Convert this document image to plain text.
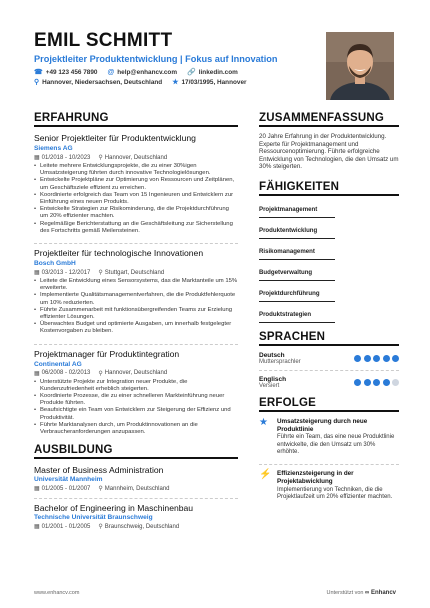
EMIL SCHMITT
Projektleiter Produktentwicklung | Fokus auf Innovation
☎ +49 123 456 7890 @ help@enhancv.com 🔗 linkedin.com
⚲ Hannover, Niedersachsen, Deutschland ★ 17/03/1995, Hannover
ERFAHRUNG
Senior Projektleiter für Produktentwicklung
Siemens AG
▦ 01/2018 - 10/2023 ⚲ Hannover, Deutschland
• Leitete mehrere Entwicklungsprojekte, die zu einer 30%igen Umsatzsteigerung führten durch innovative Technologielösungen.
• Entwickelte Projektpläne zur Optimierung von Ressourcen und Zeitplänen, um Geschäftsziele effizient zu erreichen.
• Koordinierte erfolgreich das Team von 15 Ingenieuren und Entwicklern zur Einführung eines neuen Produkts.
• Entwickelte Strategien zur Risikominderung, die die Projektdurchführung um 20% effizienter machten.
• Regelmäßige Berichterstattung an die Geschäftsleitung zur Sicherstellung des Fortschritts gemäß Meilensteinen.
Projektleiter für technologische Innovationen
Bosch GmbH
▦ 03/2013 - 12/2017 ⚲ Stuttgart, Deutschland
• Leitete die Entwicklung eines Sensorsystems, das die Marktanteile um 15% erweiterte.
• Implementierte Qualitätsmanagementverfahren, die die Produktfehlerquote um 10% reduzierten.
• Führte Zusammenarbeit mit funktionsübergreifenden Teams zur Erzielung effizienter Lösungen.
• Überwachtes Budget und optimierte Ausgaben, um innerhalb festgelegter Kostenvorgaben zu bleiben.
Projektmanager für Produktintegration
Continental AG
▦ 06/2008 - 02/2013 ⚲ Hannover, Deutschland
• Unterstützte Projekte zur Integration neuer Produkte, die Kundenzufriedenheit erheblich steigerten.
• Koordinierte Prozesse, die zu einer schnelleren Markteinführung neuer Produkte führten.
• Beaufsichtigte ein Team von Entwicklern zur Steigerung der Effizienz und Produktivität.
• Führte Marktanalysen durch, um Produktinnovationen an die Verbraucheranforderungen anzupassen.
AUSBILDUNG
Master of Business Administration
Universität Mannheim
▦ 01/2005 - 01/2007 ⚲ Mannheim, Deutschland
Bachelor of Engineering in Maschinenbau
Technische Universität Braunschweig
▦ 01/2001 - 01/2005 ⚲ Braunschweig, Deutschland
ZUSAMMENFASSUNG
20 Jahre Erfahrung in der Produktentwicklung. Experte für Projektmanagement und Ressourcenoptimierung. Führte erfolgreiche Entwicklung von Technologien, die den Umsatz um 30% steigerten.
FÄHIGKEITEN
Projektmanagement
Produktentwicklung
Risikomanagement
Budgetverwaltung
Projektdurchführung
Produktstrategien
SPRACHEN
Deutsch
Muttersprachler
Englisch
Versiert
ERFOLGE
★	Umsatzsteigerung durch neue Produktlinie
Führte ein Team, das eine neue Produktlinie entwickelte, die den Umsatz um 30% erhöhte.
⚡ Effizienzsteigerung in der Projektabwicklung
Implementierung von Techniken, die die Projektlaufzeit um 20% effizienter machten.
www.enhancv.com	Unterstützt von ∞ Enhancv
